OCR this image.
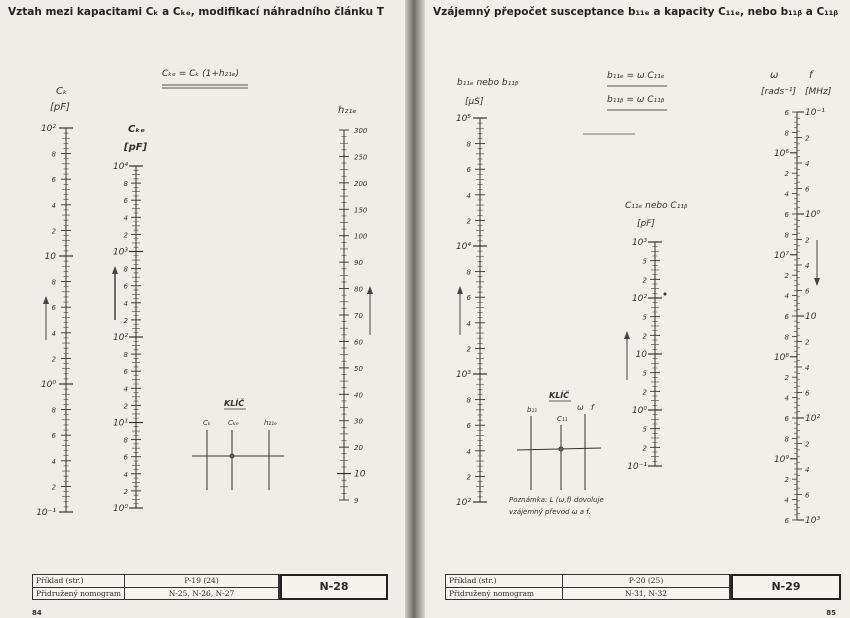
Vztah mezi kapacitami Cₖ a Cₖₑ, modifikací náhradního článku T
Cₖₑ = Cₖ (1+h₂₁ₑ)
Cₖ
[pF]
Cₖₑ
[pF]
h₂₁ₑ
10²
8
6
4
2
10
8
6
4
2
10⁰
8
6
4
2
10⁻¹
10⁴
8
6
4
2
10³
8
6
4
2
10²
8
6
4
2
10¹
8
6
4
2
10⁰
300
250
200
150
100
90
80
70
60
50
40
30
20
10
9
KLÍČ
Cₖ Cₖₑ	h₂₁ₑ
Příklad (str.)	P-19 (24)
Přidružený nomogram	N-25, N-26, N-27
N-28
84
Vzájemný přepočet susceptance b₁₁ₑ a kapacity C₁₁ₑ, nebo b₁₁ᵦ a C₁₁ᵦ
b₁₁ₑ = ω C₁₁ₑ
b₁₁ᵦ = ω C₁₁ᵦ
b₁₁ₑ nebo b₁₁ᵦ
[μS]
C₁₁ₑ nebo C₁₁ᵦ
[pF]
ω	f
[rads⁻¹] [MHz]
10⁵
8
6
4
2
10⁴
8
6
4
2
10³
8
6
4
2
10²
10³
5
2
10²
5
2
10
5
2
10⁰
5
2
10⁻¹
6
8
10⁶
2
4
6
8
10⁷
2
4
6
8
10⁸
2
4
6
8
10⁹
2
4
6
10⁻¹
2
4
6
10⁰
2
4
6
10
2
4
6
10²
2
4
6
10³
KLÍČ
b₁₁
C₁₁
ω f
Poznámka: L (ω,f) dovoluje
vzájemný převod ω a f.
Příklad (str.)	P-20 (25)
Přidružený nomogram	N-31, N-32
N-29
85
